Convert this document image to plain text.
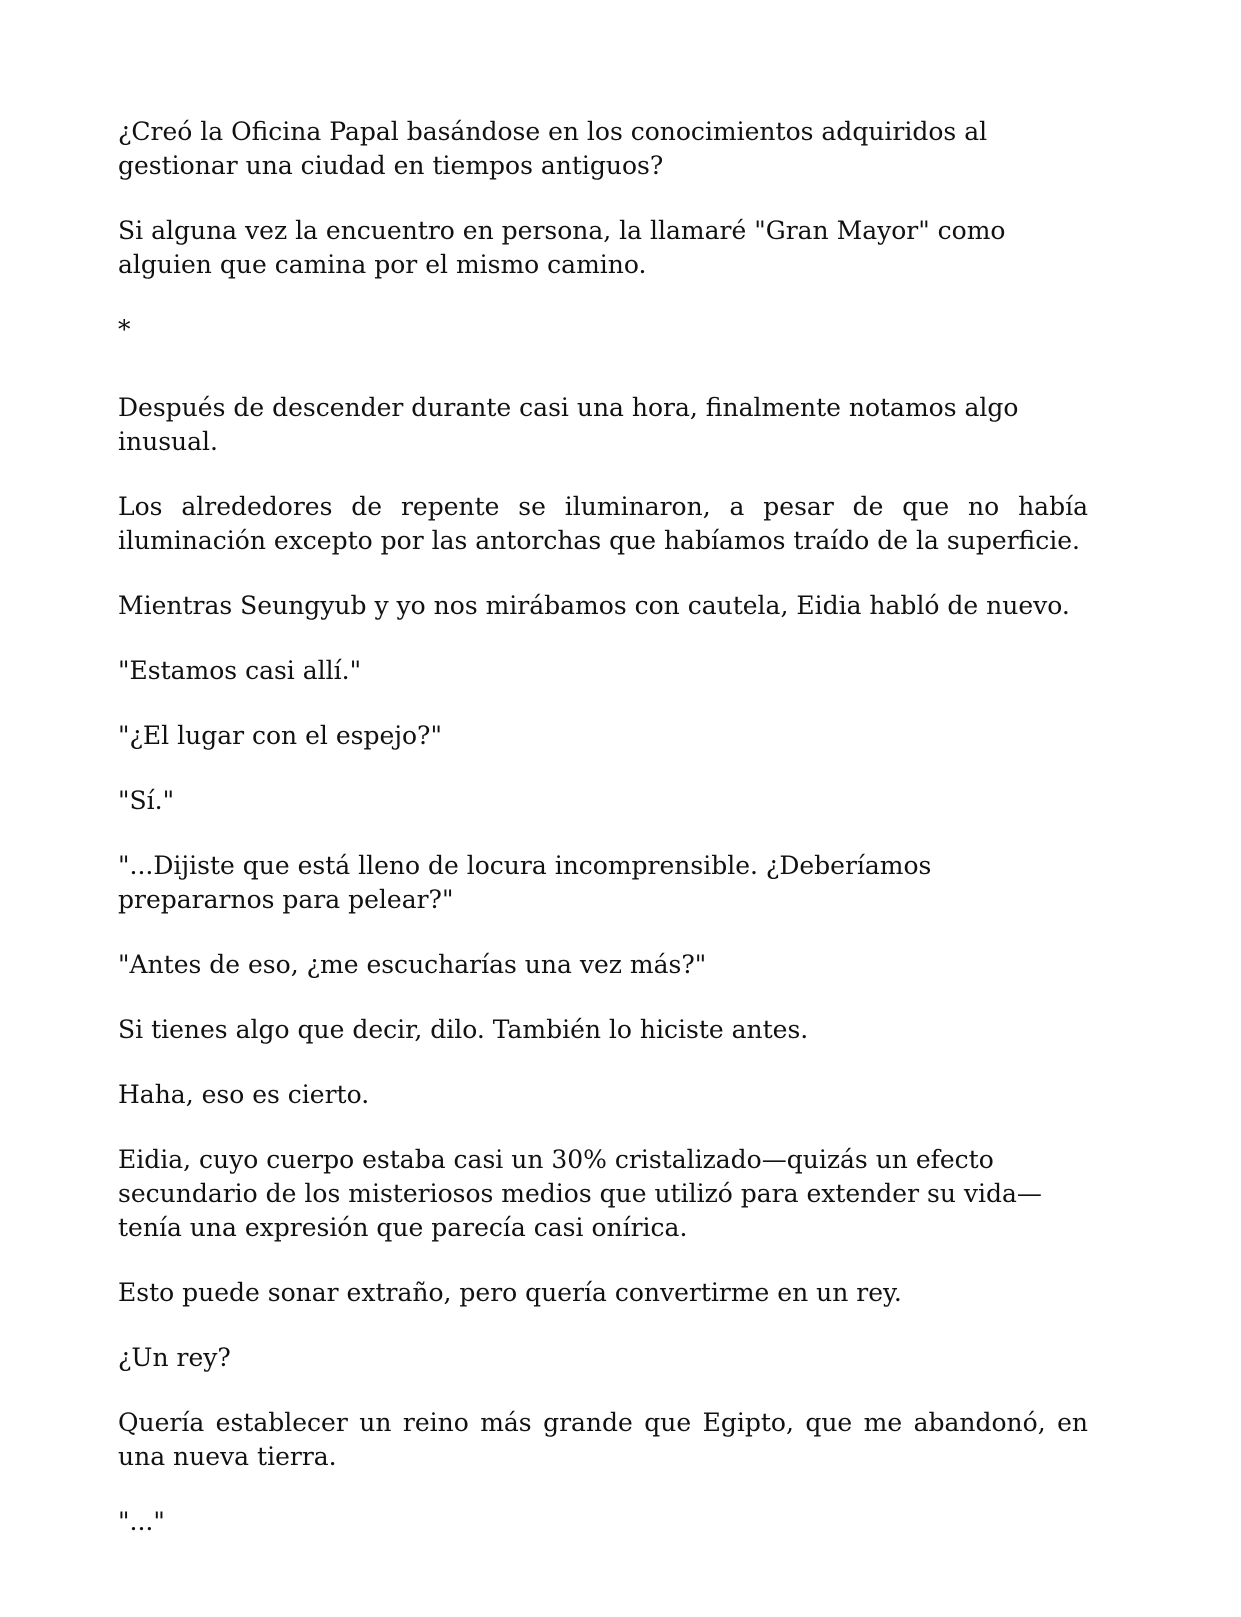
¿Creó la Oficina Papal basándose en los conocimientos adquiridos al gestionar una ciudad en tiempos antiguos?

Si alguna vez la encuentro en persona, la llamaré "Gran Mayor" como alguien que camina por el mismo camino.

*

Después de descender durante casi una hora, finalmente notamos algo inusual.

Los alrededores de repente se iluminaron, a pesar de que no había iluminación excepto por las antorchas que habíamos traído de la superficie.

Mientras Seungyub y yo nos mirábamos con cautela, Eidia habló de nuevo.

"Estamos casi allí."

"¿El lugar con el espejo?"

"Sí."

"...Dijiste que está lleno de locura incomprensible. ¿Deberíamos prepararnos para pelear?"

"Antes de eso, ¿me escucharías una vez más?"

Si tienes algo que decir, dilo. También lo hiciste antes.

Haha, eso es cierto.

Eidia, cuyo cuerpo estaba casi un 30% cristalizado—quizás un efecto secundario de los misteriosos medios que utilizó para extender su vida—tenía una expresión que parecía casi onírica.

Esto puede sonar extraño, pero quería convertirme en un rey.

¿Un rey?

Quería establecer un reino más grande que Egipto, que me abandonó, en una nueva tierra.

"..."
